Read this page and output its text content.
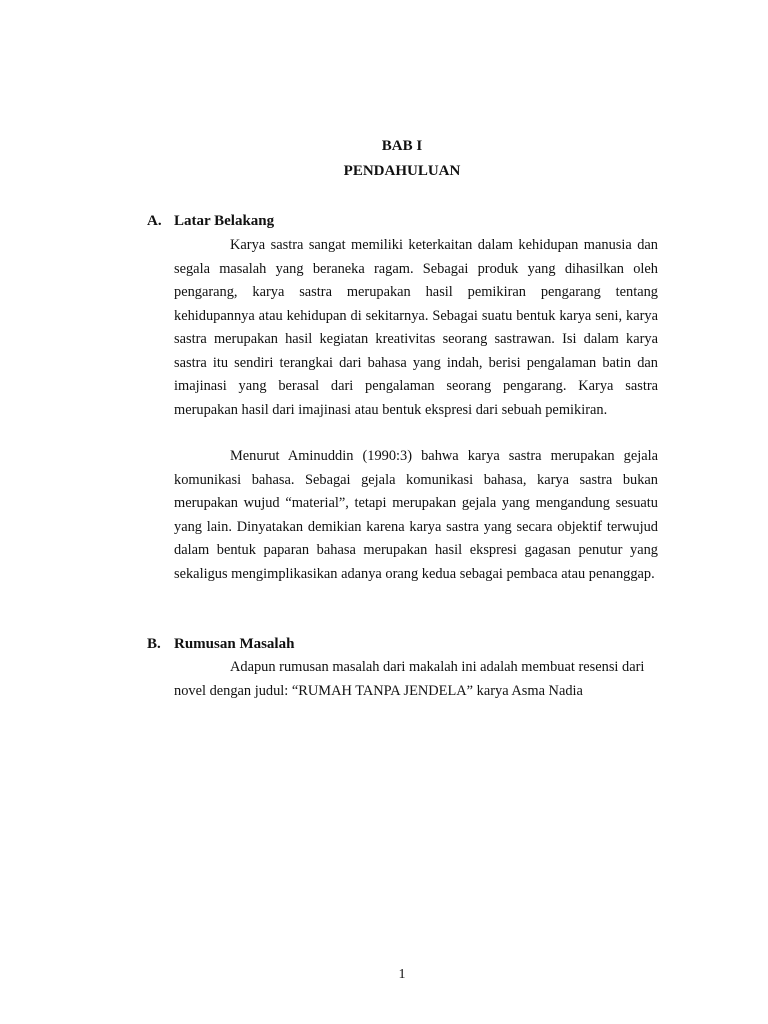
BAB I
PENDAHULUAN
A. Latar Belakang

Karya sastra sangat memiliki keterkaitan dalam kehidupan manusia dan segala masalah yang beraneka ragam. Sebagai produk yang dihasilkan oleh pengarang, karya sastra merupakan hasil pemikiran pengarang tentang kehidupannya atau kehidupan di sekitarnya. Sebagai suatu bentuk karya seni, karya sastra merupakan hasil kegiatan kreativitas seorang sastrawan. Isi dalam karya sastra itu sendiri terangkai dari bahasa yang indah, berisi pengalaman batin dan imajinasi yang berasal dari pengalaman seorang pengarang. Karya sastra merupakan hasil dari imajinasi atau bentuk ekspresi dari sebuah pemikiran.

Menurut Aminuddin (1990:3) bahwa karya sastra merupakan gejala komunikasi bahasa. Sebagai gejala komunikasi bahasa, karya sastra bukan merupakan wujud “material”, tetapi merupakan gejala yang mengandung sesuatu yang lain. Dinyatakan demikian karena karya sastra yang secara objektif terwujud dalam bentuk paparan bahasa merupakan hasil ekspresi gagasan penutur yang sekaligus mengimplikasikan adanya orang kedua sebagai pembaca atau penanggap.

B. Rumusan Masalah

Adapun rumusan masalah dari makalah ini adalah membuat resensi dari novel dengan judul: “RUMAH TANPA JENDELA” karya Asma Nadia

1
